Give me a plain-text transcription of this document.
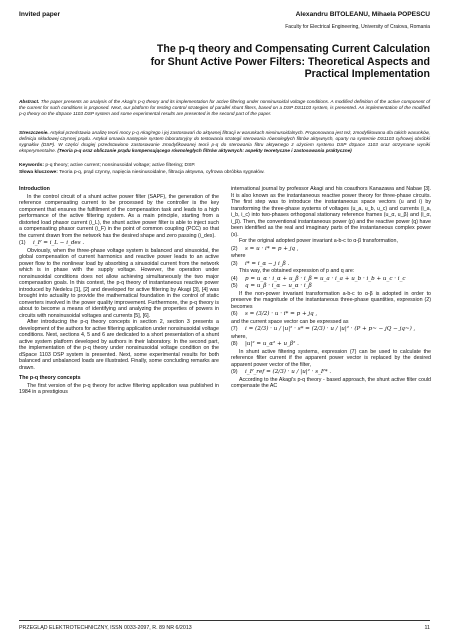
Invited paper	Alexandru BITOLEANU, Mihaela POPESCU
Faculty for Electrical Engineering, University of Craiova, Romania
The p-q theory and Compensating Current Calculation for Shunt Active Power Filters: Theoretical Aspects and Practical Implementation
Abstract. The paper presents an analysis of the Akagi's p-q theory and its implementation for active filtering under nonsinusoidal voltage conditions. A modified definition of the active component of the current for such conditions is proposed. Next, our platform for testing control strategies of parallel shunt filters, based on a DSP DS1103 system, is presented. An implementation of the modified p-q theory on the dSpace 1103 DSP system and some experimental results are presented in the second part of the paper.
Streszczenie. Artykuł przedstawia analizę teorii mocy p-q Akagi'ego i jej zastosowań do aktywnej filtracji w warunkach niesinusoidalnych. Proponowana jest też, zmodyfikowana dla takich warunków, definicja składowej czynnej prądu. Artykuł omawia następnie system laboratoryjny do testowania strategii sterowania równoległych filtrów aktywnych, oparty na systemie DS1103 cyfrowej obróbki sygnałów (DSP). W części drugiej przedstawiono zastosowanie zmodyfikowanej teorii p-q do sterowania filtru aktywnego z użyciem systemu DSP dSpace 1103 oraz otrzymane wyniki eksperymentalne. (Teoria p-q oraz obliczanie prądu kompensującego równoległych filtrów aktywnych: aspekty teoretyczne i zastosowania praktyczne)
Keywords: p-q theory; active current; nonsinusoidal voltage; active filtering; DSP.
Słowa kluczowe: Teoria p-q, prąd czynny, napięcia niesinusoidalne, filtracja aktywna, cyfrowa obróbka sygnałów.
Introduction

In the control circuit of a shunt active power filter (SAPF), the generation of the reference compensating current to be processed by the controller is the key component that ensures the fulfillment of the compensation task and leads to a high performance of the active filtering system. As a main principle, starting from a distorted load phasor current (i_L), the shunt active power filter is able to inject such a compensating phasor current (i_F) in the point of common coupling (PCC) so that the current drawn from the network has the desired shape and zero passing (i_des).

(1)	i_F = i_L − i_des .

Obviously, when the three-phase voltage system is balanced and sinusoidal, the global compensation of current harmonics and reactive power leads to an active power flow to the nonlinear load by absorbing a sinusoidal current from the network which is in phase with the supply voltage. However, the operation under nonsinusoidal conditions does not allow achieving simultaneously the two major compensation goals. In this context, the p-q theory of instantaneous reactive power introduced by Nedelcu [1], [2] and developed for active filtering by Akagi [3], [4] was brought into actuality to provide the mathematical foundation in the control of static converters involved in the power quality improvement. Furthermore, the p-q theory is about to become a means of identifying and analyzing the properties of powers in circuits with nonsinusoidal voltages and currents [5], [6].

After introducing the p-q theory concepts in section 2, section 3 presents a development of the authors for active filtering application under nonsinusoidal voltage conditions. Next, sections 4, 5 and 6 are dedicated to a short presentation of a shunt active system platform developed by authors in their laboratory. In the second part, the implementation of the p-q theory under nonsinusoidal voltage condition on the dSpace 1103 DSP system is presented. Next, some experimental results for both balanced and unbalanced loads are illustrated. Finally, some concluding remarks are drawn.

The p-q theory concepts

The first version of the p-q theory for active filtering application was published in 1984 in a prestigious

international journal by professor Akagi and his coauthors Kanazawa and Nabae [3]. It is also known as the instantaneous reactive power theory for three-phase circuits. The first step was to introduce the instantaneous space vectors (u and i) by transforming the three-phase systems of voltages (u_a, u_b, u_c) and currents (i_a, i_b, i_c) into two-phases orthogonal stationary reference frames (u_α, u_β) and (i_α, i_β). Then, the conventional instantaneous power (p) and the reactive power (q) have been identified as the real and imaginary parts of the instantaneous complex power (s).

For the original adopted power invariant a-b-c to α-β transformation,

(2)	s = u · i* = p + jq ,

where

(3)	i* = i_α − j i_β .

This way, the obtained expression of p and q are:

(4)	p = u_α · i_α + u_β · i_β = u_a · i_a + u_b · i_b + u_c · i_c
(5)	q = u_β · i_α − u_α · i_β

If the non-power invariant transformation a-b-c to α-β is adopted in order to preserve the magnitude of the instantaneous three-phase quantities, expression (2) becomes

(6)	s = (3/2) · u · i* = p + jq ,

and the current space vector can be expressed as

(7)	i = (2/3) · u / |u|² · s* = (2/3) · u / |u|² · (P + p~ − jQ − jq~) ,

where,

(8)	|u|² = u_α² + u_β² .

In shunt active filtering systems, expression (7) can be used to calculate the reference filter current if the apparent power vector is replaced by the desired apparent power vector of the filter,

(9)	i_F_ref = (2/3) · u / |u|² · s_F* .

According to the Akagi's p-q theory - based approach, the shunt active filter could compensate the AC

PRZEGLĄD ELEKTROTECHNICZNY, ISSN 0033-2097, R. 89 NR 6/2013	11
